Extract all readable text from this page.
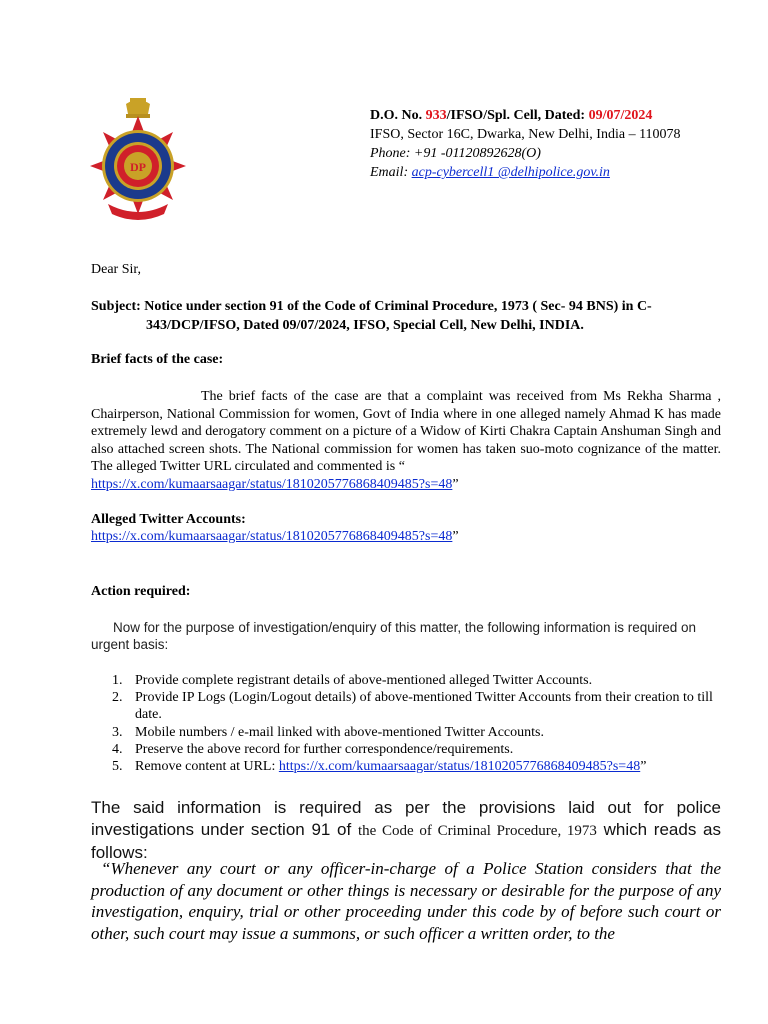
DP
D.O. No. 933/IFSO/Spl. Cell, Dated: 09/07/2024
IFSO, Sector 16C, Dwarka, New Delhi, India – 110078
Phone: +91 -01120892628(O)
Email: acp-cybercell1 @delhipolice.gov.in
Dear Sir,
Subject: Notice under section 91 of the Code of Criminal Procedure, 1973 ( Sec- 94 BNS) in C-
343/DCP/IFSO, Dated 09/07/2024, IFSO, Special Cell, New Delhi, INDIA.
Brief facts of the case:
The brief facts of the case are that a complaint was received from Ms Rekha Sharma , Chairperson, National Commission for women, Govt of India where in one alleged namely Ahmad K has made extremely lewd and derogatory comment on a picture of a Widow of Kirti Chakra Captain Anshuman Singh and also attached screen shots. The National commission for women has taken suo-moto cognizance of the matter. The alleged Twitter URL circulated and commented is “
https://x.com/kumaarsaagar/status/1810205776868409485?s=48”
Alleged Twitter Accounts:
https://x.com/kumaarsaagar/status/1810205776868409485?s=48”
Action required:
Now for the purpose of investigation/enquiry of this matter, the following information is required on urgent basis:
1. Provide complete registrant details of above-mentioned alleged Twitter Accounts.
2. Provide IP Logs (Login/Logout details) of above-mentioned Twitter Accounts from their creation to till date.
3. Mobile numbers / e-mail linked with above-mentioned Twitter Accounts.
4. Preserve the above record for further correspondence/requirements.
5. Remove content at URL: https://x.com/kumaarsaagar/status/1810205776868409485?s=48”
The said information is required as per the provisions laid out for police investigations under section 91 of the Code of Criminal Procedure, 1973 which reads as follows:
“Whenever any court or any officer-in-charge of a Police Station considers that the production of any document or other things is necessary or desirable for the purpose of any investigation, enquiry, trial or other proceeding under this code by of before such court or other, such court may issue a summons, or such officer a written order, to the
